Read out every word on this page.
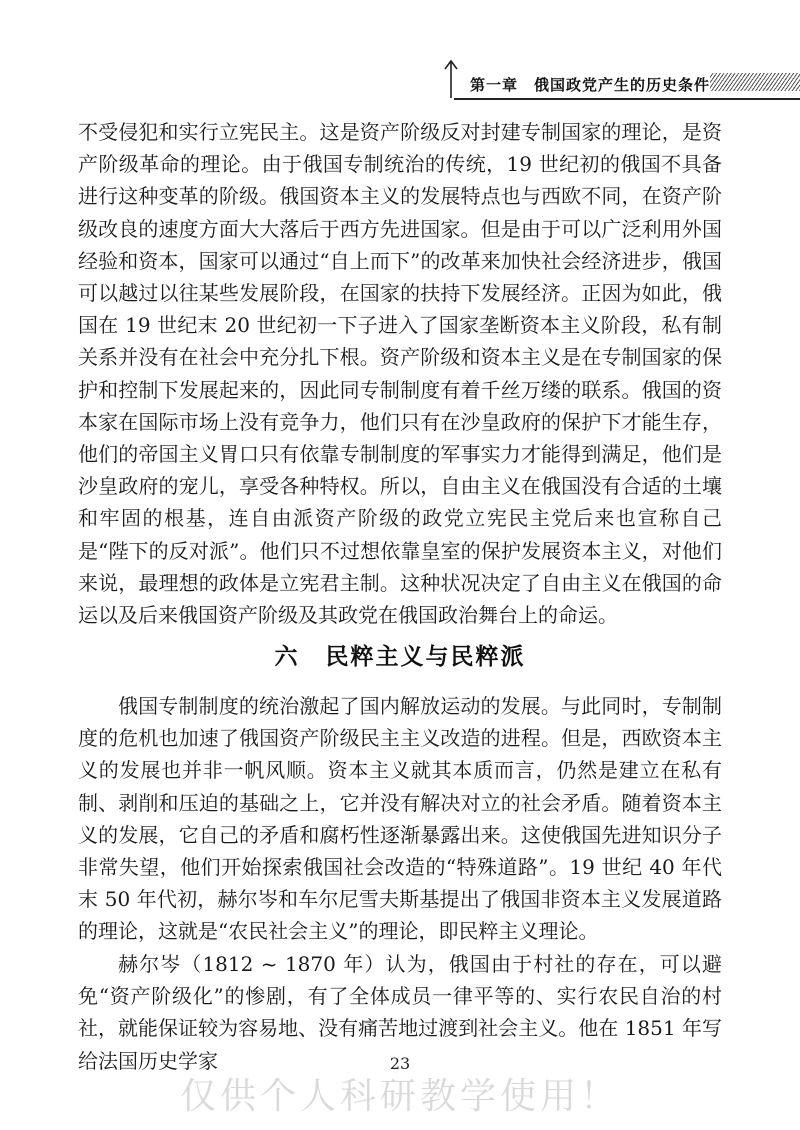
第一章　俄国政党产生的历史条件

不受侵犯和实行立宪民主。这是资产阶级反对封建专制国家的理论，是资产阶级革命的理论。由于俄国专制统治的传统，19 世纪初的俄国不具备进行这种变革的阶级。俄国资本主义的发展特点也与西欧不同，在资产阶级改良的速度方面大大落后于西方先进国家。但是由于可以广泛利用外国经验和资本，国家可以通过“自上而下”的改革来加快社会经济进步，俄国可以越过以往某些发展阶段，在国家的扶持下发展经济。正因为如此，俄国在 19 世纪末 20 世纪初一下子进入了国家垄断资本主义阶段，私有制关系并没有在社会中充分扎下根。资产阶级和资本主义是在专制国家的保护和控制下发展起来的，因此同专制制度有着千丝万缕的联系。俄国的资本家在国际市场上没有竞争力，他们只有在沙皇政府的保护下才能生存，他们的帝国主义胃口只有依靠专制制度的军事实力才能得到满足，他们是沙皇政府的宠儿，享受各种特权。所以，自由主义在俄国没有合适的土壤和牢固的根基，连自由派资产阶级的政党立宪民主党后来也宣称自己是“陛下的反对派”。他们只不过想依靠皇室的保护发展资本主义，对他们来说，最理想的政体是立宪君主制。这种状况决定了自由主义在俄国的命运以及后来俄国资产阶级及其政党在俄国政治舞台上的命运。

六 民粹主义与民粹派

俄国专制制度的统治激起了国内解放运动的发展。与此同时，专制制度的危机也加速了俄国资产阶级民主主义改造的进程。但是，西欧资本主义的发展也并非一帆风顺。资本主义就其本质而言，仍然是建立在私有制、剥削和压迫的基础之上，它并没有解决对立的社会矛盾。随着资本主义的发展，它自己的矛盾和腐朽性逐渐暴露出来。这使俄国先进知识分子非常失望，他们开始探索俄国社会改造的“特殊道路”。19 世纪 40 年代末 50 年代初，赫尔岑和车尔尼雪夫斯基提出了俄国非资本主义发展道路的理论，这就是“农民社会主义”的理论，即民粹主义理论。

赫尔岑（1812 ~ 1870 年）认为，俄国由于村社的存在，可以避免“资产阶级化”的惨剧，有了全体成员一律平等的、实行农民自治的村社，就能保证较为容易地、没有痛苦地过渡到社会主义。他在 1851 年写给法国历史学家	23
仅供个人科研教学使用！
